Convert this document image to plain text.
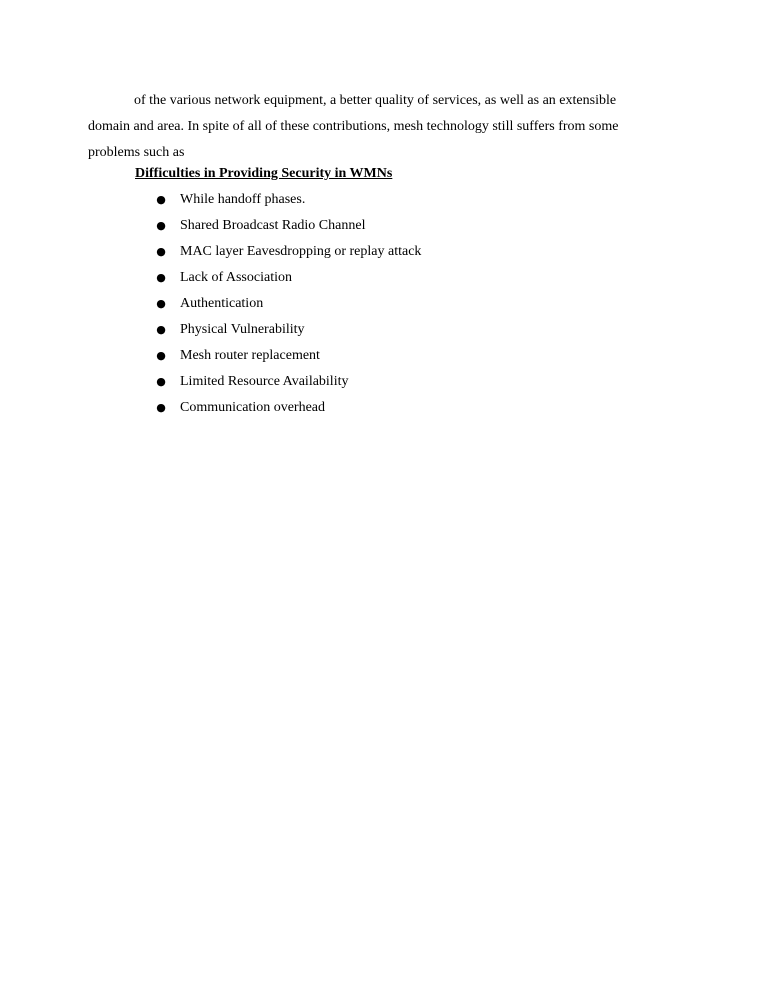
of the various network equipment, a better quality of services, as well as an extensible
domain and area. In spite of all of these contributions, mesh technology still suffers from some
problems such as

Difficulties in Providing Security in WMNs

● While handoff phases.
● Shared Broadcast Radio Channel
● MAC layer Eavesdropping or replay attack
● Lack of Association
● Authentication
● Physical Vulnerability
● Mesh router replacement
● Limited Resource Availability
● Communication overhead
